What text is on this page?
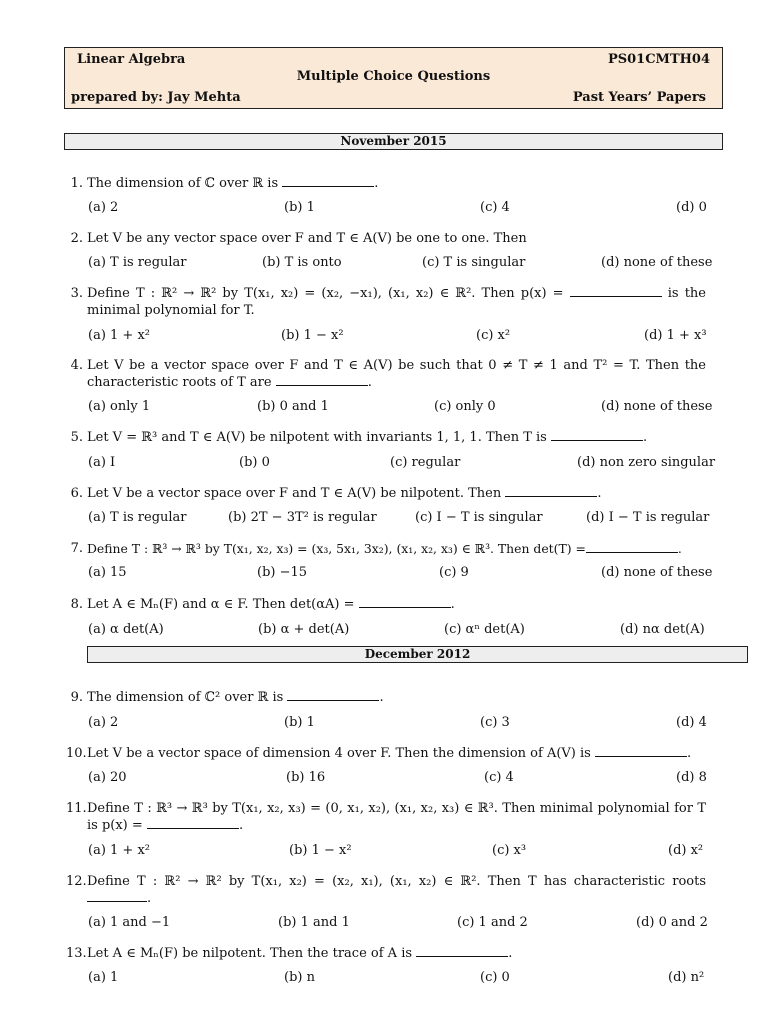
Linear Algebra	PS01CMTH04
Multiple Choice Questions
prepared by: Jay Mehta	Past Years’ Papers
November 2015
1. The dimension of ℂ over ℝ is	.
(a) 2	(b) 1	(c) 4	(d) 0
2. Let V be any vector space over F and T ∈ A(V) be one to one. Then
(a) T is regular	(b) T is onto	(c) T is singular	(d) none of these
3. Define T : ℝ² → ℝ² by T(x₁, x₂) = (x₂, −x₁), (x₁, x₂) ∈ ℝ². Then p(x) =	is the minimal polynomial for T.
(a) 1 + x²	(b) 1 − x²	(c) x²	(d) 1 + x³
4. Let V be a vector space over F and T ∈ A(V) be such that 0 ≠ T ≠ 1 and T² = T. Then the characteristic roots of T are	.
(a) only 1	(b) 0 and 1	(c) only 0	(d) none of these
5. Let V = ℝ³ and T ∈ A(V) be nilpotent with invariants 1, 1, 1. Then T is	.
(a) I	(b) 0	(c) regular	(d) non zero singular
6. Let V be a vector space over F and T ∈ A(V) be nilpotent. Then	.
(a) T is regular	(b) 2T − 3T² is regular	(c) I − T is singular	(d) I − T is regular
7. Define T : ℝ³ → ℝ³ by T(x₁, x₂, x₃) = (x₃, 5x₁, 3x₂), (x₁, x₂, x₃) ∈ ℝ³. Then det(T) =	.
(a) 15	(b) −15	(c) 9	(d) none of these
8. Let A ∈ Mₙ(F) and α ∈ F. Then det(αA) =	.
(a) α det(A)	(b) α + det(A)	(c) αⁿ det(A)	(d) nα det(A)
December 2012
9. The dimension of ℂ² over ℝ is	.
(a) 2	(b) 1	(c) 3	(d) 4
10. Let V be a vector space of dimension 4 over F. Then the dimension of A(V) is	.
(a) 20	(b) 16	(c) 4	(d) 8
11. Define T : ℝ³ → ℝ³ by T(x₁, x₂, x₃) = (0, x₁, x₂), (x₁, x₂, x₃) ∈ ℝ³. Then minimal polynomial for T is p(x) =	.
(a) 1 + x²	(b) 1 − x²	(c) x³	(d) x²
12. Define T : ℝ² → ℝ² by T(x₁, x₂) = (x₂, x₁), (x₁, x₂) ∈ ℝ². Then T has characteristic roots .
(a) 1 and −1	(b) 1 and 1	(c) 1 and 2	(d) 0 and 2
13. Let A ∈ Mₙ(F) be nilpotent. Then the trace of A is	.
(a) 1	(b) n	(c) 0	(d) n²
